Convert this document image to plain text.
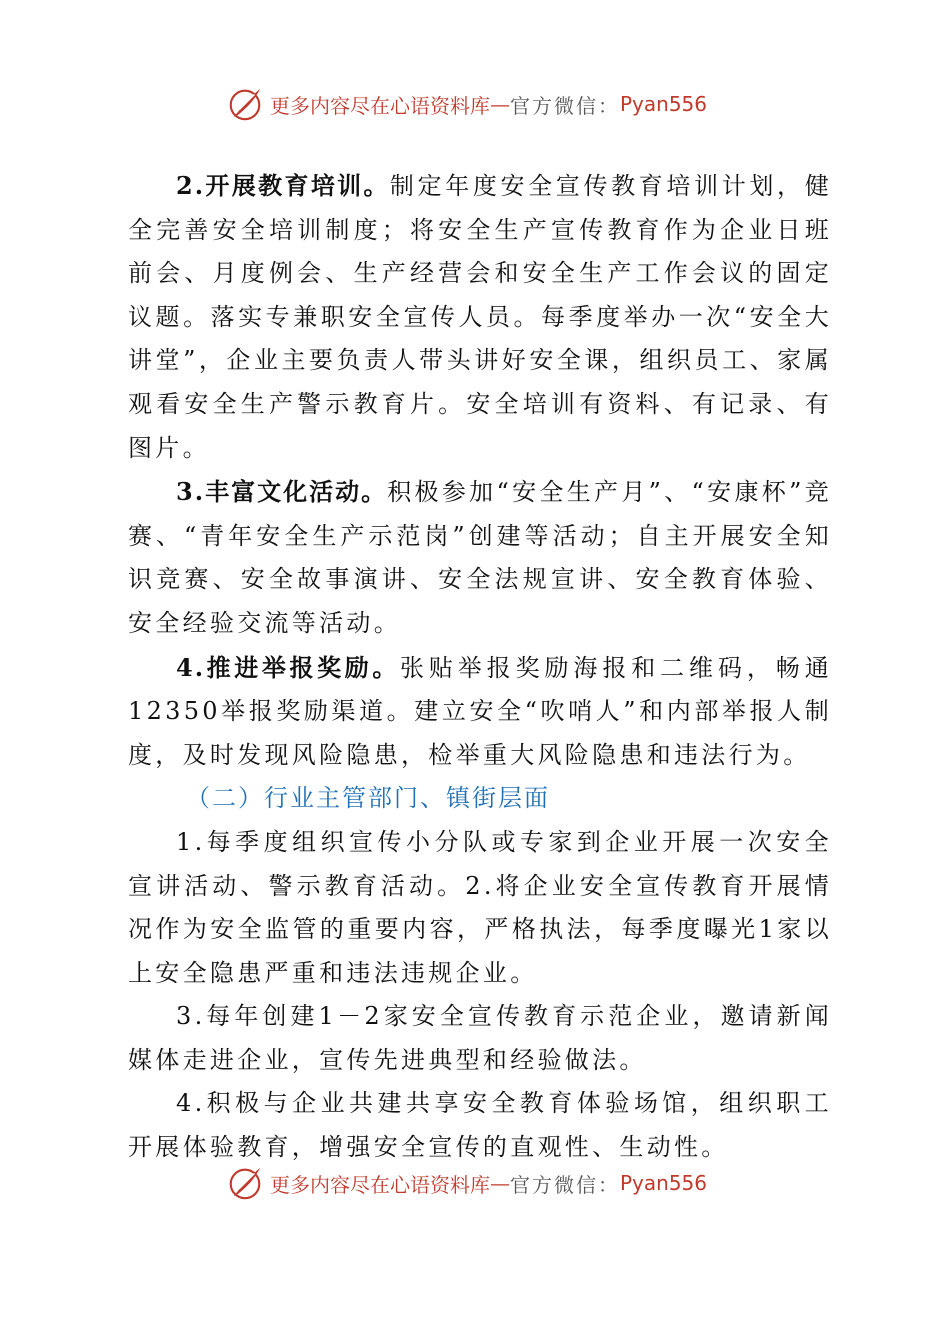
更多内容尽在心语资料库 — 官方微信： Pyan556

2.开展教育培训。制定年度安全宣传教育培训计划，健全完善安全培训制度；将安全生产宣传教育作为企业日班前会、月度例会、生产经营会和安全生产工作会议的固定议题。落实专兼职安全宣传人员。每季度举办一次“安全大讲堂”，企业主要负责人带头讲好安全课，组织员工、家属观看安全生产警示教育片。安全培训有资料、有记录、有图片。

3.丰富文化活动。积极参加“安全生产月”、“安康杯”竞赛、“青年安全生产示范岗”创建等活动；自主开展安全知识竞赛、安全故事演讲、安全法规宣讲、安全教育体验、安全经验交流等活动。

4.推进举报奖励。张贴举报奖励海报和二维码，畅通12350举报奖励渠道。建立安全“吹哨人”和内部举报人制度，及时发现风险隐患，检举重大风险隐患和违法行为。

（二）行业主管部门、镇街层面

1.每季度组织宣传小分队或专家到企业开展一次安全宣讲活动、警示教育活动。2.将企业安全宣传教育开展情况作为安全监管的重要内容，严格执法，每季度曝光1家以上安全隐患严重和违法违规企业。

3.每年创建1－2家安全宣传教育示范企业，邀请新闻媒体走进企业，宣传先进典型和经验做法。

4.积极与企业共建共享安全教育体验场馆，组织职工开展体验教育，增强安全宣传的直观性、生动性。

更多内容尽在心语资料库 — 官方微信： Pyan556
